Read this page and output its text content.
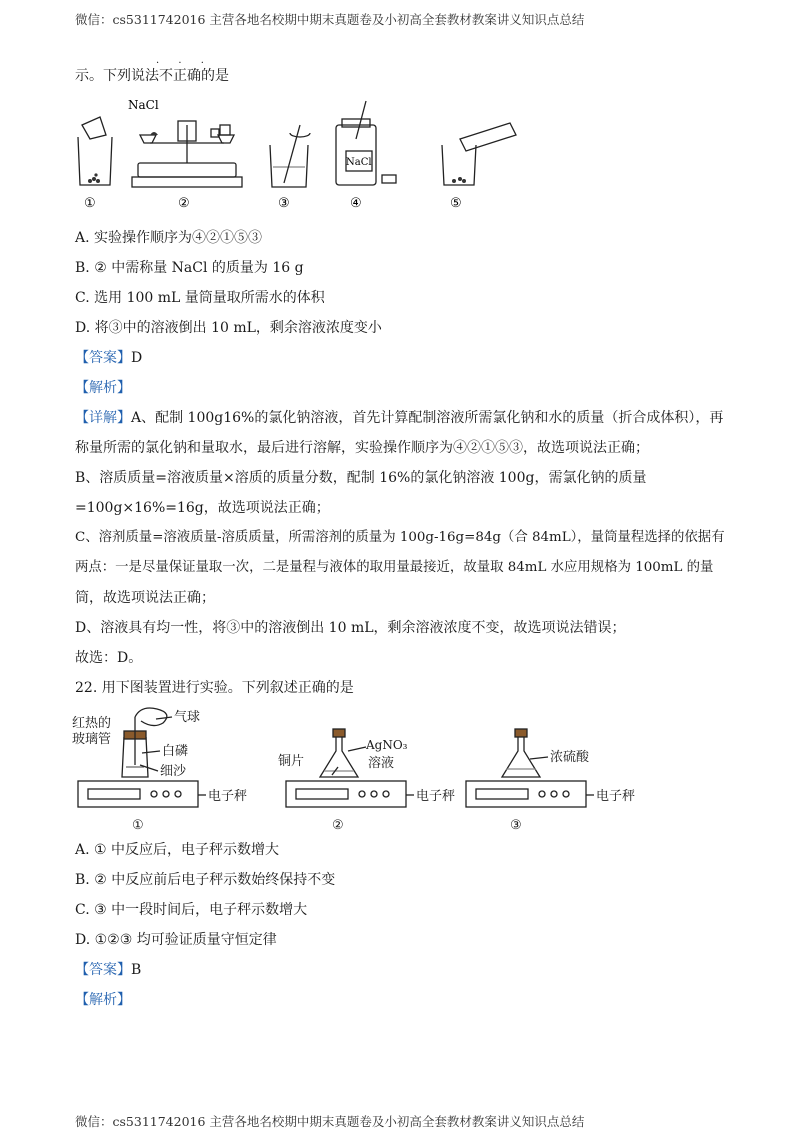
微信：cs5311742016 主营各地名校期中期末真题卷及小初高全套教材教案讲义知识点总结
· · ·
示。下列说法不正确的是
NaCl
NaCl
①	②	③	④	⑤
A. 实验操作顺序为④②①⑤③
B. ② 中需称量 NaCl 的质量为 16 g
C. 选用 100 mL 量筒量取所需水的体积
D. 将③中的溶液倒出 10 mL，剩余溶液浓度变小
【答案】D
【解析】
【详解】A、配制 100g16%的氯化钠溶液，首先计算配制溶液所需氯化钠和水的质量（折合成体积），再
称量所需的氯化钠和量取水，最后进行溶解，实验操作顺序为④②①⑤③，故选项说法正确；
B、溶质质量=溶液质量×溶质的质量分数，配制 16%的氯化钠溶液 100g，需氯化钠的质量
=100g×16%=16g，故选项说法正确；
C、溶剂质量=溶液质量-溶质质量，所需溶剂的质量为 100g-16g=84g（合 84mL），量筒量程选择的依据有
两点：一是尽量保证量取一次，二是量程与液体的取用量最接近，故量取 84mL 水应用规格为 100mL 的量
筒，故选项说法正确；
D、溶液具有均一性，将③中的溶液倒出 10 mL，剩余溶液浓度不变，故选项说法错误；
故选：D。
22. 用下图装置进行实验。下列叙述正确的是
红热的
玻璃管
气球
白磷
细沙
电子秤
铜片
AgNO₃
溶液
电子秤
浓硫酸
电子秤
①	②	③
A. ① 中反应后，电子秤示数增大
B. ② 中反应前后电子秤示数始终保持不变
C. ③ 中一段时间后，电子秤示数增大
D. ①②③ 均可验证质量守恒定律
【答案】B
【解析】
微信：cs5311742016 主营各地名校期中期末真题卷及小初高全套教材教案讲义知识点总结
